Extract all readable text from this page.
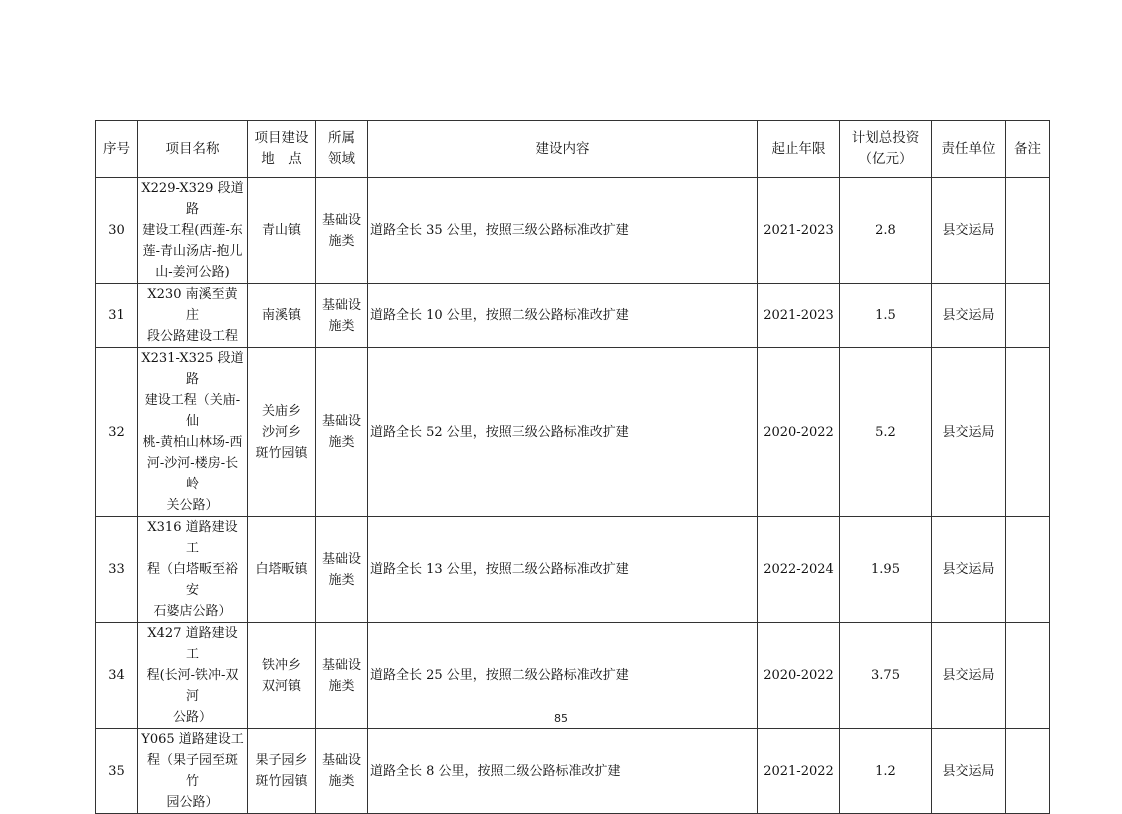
序号	项目名称	项目建设
地　点	所属
领域	建设内容	起止年限	计划总投资
（亿元）	责任单位	备注
30	X229-X329 段道路
建设工程(西莲-东
莲-青山汤店-抱儿
山-姜河公路)	青山镇	基础设
施类	道路全长 35 公里，按照三级公路标准改扩建	2021-2023	2.8	县交运局	
31	X230 南溪至黄庄
段公路建设工程	南溪镇	基础设
施类	道路全长 10 公里，按照二级公路标准改扩建	2021-2023	1.5	县交运局	
32	X231-X325 段道路
建设工程（关庙-仙
桃-黄柏山林场-西
河-沙河-楼房-长岭
关公路）	关庙乡
沙河乡
斑竹园镇	基础设
施类	道路全长 52 公里，按照三级公路标准改扩建	2020-2022	5.2	县交运局	
33	X316 道路建设工
程（白塔畈至裕安
石婆店公路）	白塔畈镇	基础设
施类	道路全长 13 公里，按照二级公路标准改扩建	2022-2024	1.95	县交运局	
34	X427 道路建设工
程(长河-铁冲-双河
公路）	铁冲乡
双河镇	基础设
施类	道路全长 25 公里，按照二级公路标准改扩建	2020-2022	3.75	县交运局	
35	Y065 道路建设工
程（果子园至斑竹
园公路）	果子园乡
斑竹园镇	基础设
施类	道路全长 8 公里，按照二级公路标准改扩建	2021-2022	1.2	县交运局	
85
